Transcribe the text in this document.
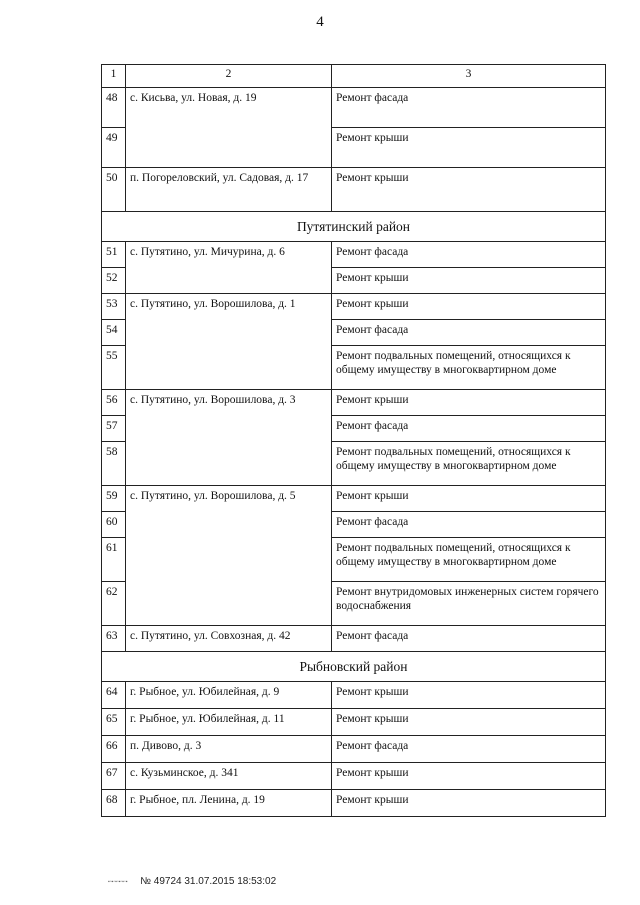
4
1	2	3
48	с. Кисьва, ул. Новая, д. 19	Ремонт фасада
49		Ремонт крыши
50	п. Погореловский, ул. Садовая, д. 17	Ремонт крыши
Путятинский район		
51	с. Путятино, ул. Мичурина, д. 6	Ремонт фасада
52		Ремонт крыши
53	с. Путятино, ул. Ворошилова, д. 1	Ремонт крыши
54		Ремонт фасада
55		Ремонт подвальных помещений, относящихся к общему имуществу в многоквартирном доме
56	с. Путятино, ул. Ворошилова, д. 3	Ремонт крыши
57		Ремонт фасада
58		Ремонт подвальных помещений, относящихся к общему имуществу в многоквартирном доме
59	с. Путятино, ул. Ворошилова, д. 5	Ремонт крыши
60		Ремонт фасада
61		Ремонт подвальных помещений, относящихся к общему имуществу в многоквартирном доме
62		Ремонт внутридомовых инженерных систем горячего водоснабжения
63	с. Путятино, ул. Совхозная, д. 42	Ремонт фасада
Рыбновский район		
64	г. Рыбное, ул. Юбилейная, д. 9	Ремонт крыши
65	г. Рыбное, ул. Юбилейная, д. 11	Ремонт крыши
66	п. Дивово, д. 3	Ремонт фасада
67	с. Кузьминское, д. 341	Ремонт крыши
68	г. Рыбное, пл. Ленина, д. 19	Ремонт крыши
▪▫▪▫▪▫▪▫▪▫▪ № 49724 31.07.2015 18:53:02
